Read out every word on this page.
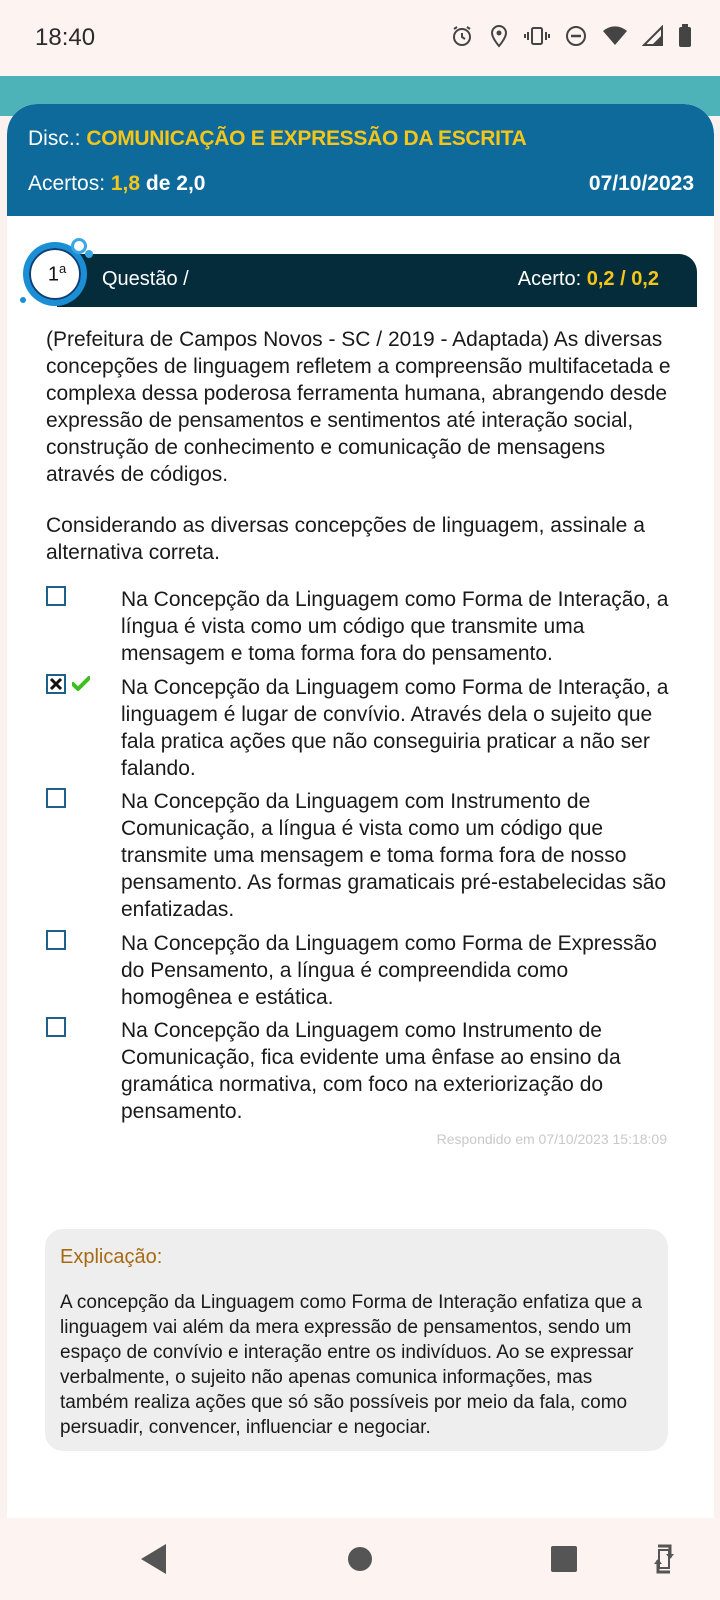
18:40
Disc.: COMUNICAÇÃO E EXPRESSÃO DA ESCRITA
Acertos: 1,8 de 2,0	07/10/2023
Questão /	Acerto: 0,2 / 0,2
1$^a$
(Prefeitura de Campos Novos - SC / 2019 - Adaptada) As diversas concepções de linguagem refletem a compreensão multifacetada e complexa dessa poderosa ferramenta humana, abrangendo desde expressão de pensamentos e sentimentos até interação social, construção de conhecimento e comunicação de mensagens através de códigos.
Considerando as diversas concepções de linguagem, assinale a alternativa correta.
Na Concepção da Linguagem como Forma de Interação, a língua é vista como um código que transmite uma mensagem e toma forma fora do pensamento.
Na Concepção da Linguagem como Forma de Interação, a linguagem é lugar de convívio. Através dela o sujeito que fala pratica ações que não conseguiria praticar a não ser falando.
Na Concepção da Linguagem com Instrumento de Comunicação, a língua é vista como um código que transmite uma mensagem e toma forma fora de nosso pensamento. As formas gramaticais pré-estabelecidas são enfatizadas.
Na Concepção da Linguagem como Forma de Expressão do Pensamento, a língua é compreendida como homogênea e estática.
Na Concepção da Linguagem como Instrumento de Comunicação, fica evidente uma ênfase ao ensino da gramática normativa, com foco na exteriorização do pensamento.
Respondido em 07/10/2023 15:18:09
Explicação:
A concepção da Linguagem como Forma de Interação enfatiza que a linguagem vai além da mera expressão de pensamentos, sendo um espaço de convívio e interação entre os indivíduos. Ao se expressar verbalmente, o sujeito não apenas comunica informações, mas também realiza ações que só são possíveis por meio da fala, como persuadir, convencer, influenciar e negociar.
